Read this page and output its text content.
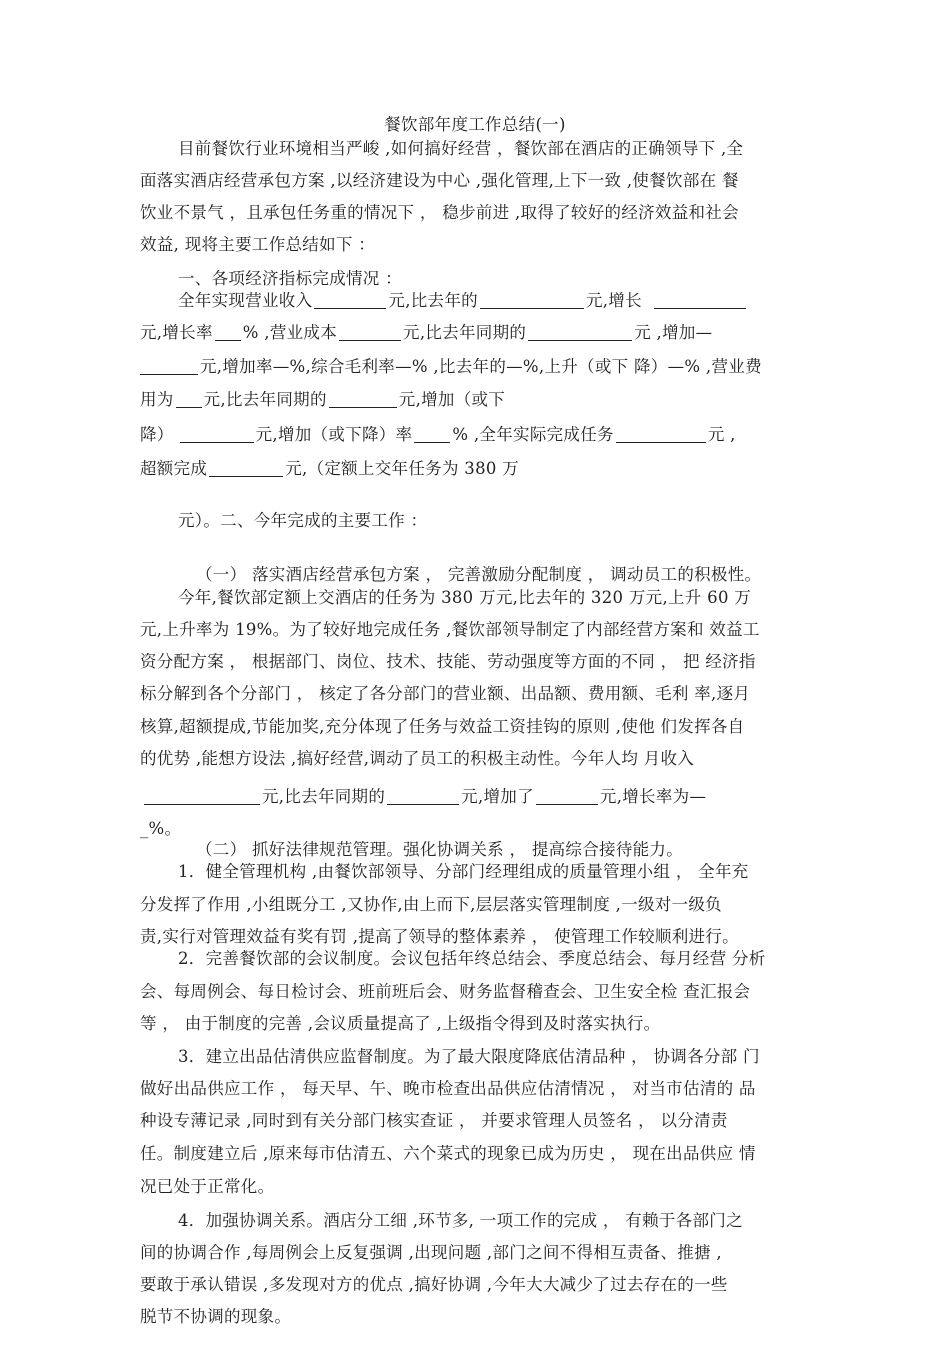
餐饮部年度工作总结(一)
目前餐饮行业环境相当严峻 ,如何搞好经营 ，餐饮部在酒店的正确领导下 ,全
面落实酒店经营承包方案 ,以经济建设为中心 ,强化管理,上下一致 ,使餐饮部在 餐
饮业不景气 ，且承包任务重的情况下 ， 稳步前进 ,取得了较好的经济效益和社会
效益, 现将主要工作总结如下 ：
一、各项经济指标完成情况 ：
全年实现营业收入	元,比去年的	元,增长
元,增长率 % ,营业成本	元,比去年同期的	元 ,增加—
元,增加率—%,综合毛利率—% ,比去年的—%,上升（或下 降）—% ,营业费
用为 元,比去年同期的	元,增加（或下
降）	元,增加（或下降）率 % ,全年实际完成任务	元 ,
超额完成	元,（定额上交年任务为 380 万
元）。二、今年完成的主要工作 ：
（一） 落实酒店经营承包方案 ， 完善激励分配制度 ， 调动员工的积极性。
今年,餐饮部定额上交酒店的任务为 380 万元,比去年的 320 万元,上升 60 万
元,上升率为 19%。为了较好地完成任务 ,餐饮部领导制定了内部经营方案和 效益工
资分配方案 ， 根据部门、岗位、技术、技能、劳动强度等方面的不同 ， 把 经济指
标分解到各个分部门 ， 核定了各分部门的营业额、出品额、费用额、毛利 率,逐月
核算,超额提成,节能加奖,充分体现了任务与效益工资挂钩的原则 ,使他 们发挥各自
的优势 ,能想方设法 ,搞好经营,调动了员工的积极主动性。今年人均 月收入
元,比去年同期的	元,增加了	元,增长率为—
_%。
（二） 抓好法律规范管理。强化协调关系 ， 提高综合接待能力。
1．健全管理机构 ,由餐饮部领导、分部门经理组成的质量管理小组 ， 全年充
分发挥了作用 ,小组既分工 ,又协作,由上而下,层层落实管理制度 ,一级对一级负
责,实行对管理效益有奖有罚 ,提高了领导的整体素养 ， 使管理工作较顺利进行。
2．完善餐饮部的会议制度。会议包括年终总结会、季度总结会、每月经营 分析
会、每周例会、每日检讨会、班前班后会、财务监督稽查会、卫生安全检 查汇报会
等 ， 由于制度的完善 ,会议质量提高了 ,上级指令得到及时落实执行。
3．建立出品估清供应监督制度。为了最大限度降底估清品种 ， 协调各分部 门
做好出品供应工作 ， 每天早、午、晚市检查出品供应估清情况 ， 对当市估清的 品
种设专薄记录 ,同时到有关分部门核实查证 ， 并要求管理人员签名 ， 以分清责
任。制度建立后 ,原来每市估清五、六个菜式的现象已成为历史 ， 现在出品供应 情
况已处于正常化。
4．加强协调关系。酒店分工细 ,环节多, 一项工作的完成 ， 有赖于各部门之
间的协调合作 ,每周例会上反复强调 ,出现问题 ,部门之间不得相互责备、推搪 ,
要敢于承认错误 ,多发现对方的优点 ,搞好协调 ,今年大大减少了过去存在的一些
脱节不协调的现象。
